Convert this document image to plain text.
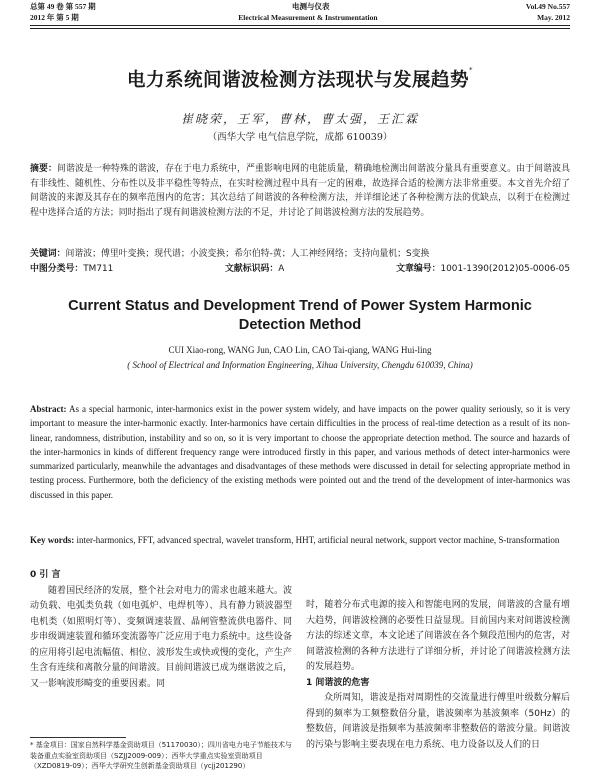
总第 49 卷 第 557 期	电测与仪表	Vol.49 No.557
2012 年 第 5 期	Electrical Measurement & Instrumentation	May. 2012
电力系统间谐波检测方法现状与发展趋势*
崔晓荣，王军，曹林，曹太强，王汇霖
（西华大学 电气信息学院，成都 610039）
摘要：间谐波是一种特殊的谐波，存在于电力系统中，严重影响电网的电能质量，精确地检测出间谐波分量具有重要意义。由于间谐波具有非线性、随机性、分布性以及非平稳性等特点，在实时检测过程中具有一定的困难，故选择合适的检测方法非常重要。本文首先介绍了间谐波的来源及其存在的频率范围内的危害；其次总结了间谐波的各种检测方法，并详细论述了各种检测方法的优缺点，以利于在检测过程中选择合适的方法；同时指出了现有间谐波检测方法的不足，并讨论了间谐波检测方法的发展趋势。
关键词：间谐波；傅里叶变换；现代谱；小波变换；希尔伯特-黄；人工神经网络；支持向量机；S变换
中图分类号：TM711	文献标识码：A	文章编号：1001-1390(2012)05-0006-05
Current Status and Development Trend of Power System Harmonic Detection Method
CUI Xiao-rong, WANG Jun, CAO Lin, CAO Tai-qiang, WANG Hui-ling
( School of Electrical and Information Engineering, Xihua University, Chengdu 610039, China)
Abstract: As a special harmonic, inter-harmonics exist in the power system widely, and have impacts on the power quality seriously, so it is very important to measure the inter-harmonic exactly. Inter-harmonics have certain difficulties in the process of real-time detection as a result of its non-linear, randomness, distribution, instability and so on, so it is very important to choose the appropriate detection method. The source and hazards of the inter-harmonics in kinds of different frequency range were introduced firstly in this paper, and various methods of detect inter-harmonics were summarized particularly, meanwhile the advantages and disadvantages of these methods were discussed in detail for selecting appropriate method in testing process. Furthermore, both the deficiency of the existing methods were pointed out and the trend of the development of inter-harmonics was discussed in this paper.
Key words: inter-harmonics, FFT, advanced spectral, wavelet transform, HHT, artificial neural network, support vector machine, S-transformation
0 引 言
随着国民经济的发展，整个社会对电力的需求也越来越大。波动负载、电弧类负载（如电弧炉、电焊机等）、具有静力锁波器型电机类（如照明灯等）、变频调速装置、晶闸管整流供电器件、同步串级调速装置和循环变流器等广泛应用于电力系统中。这些设备的应用将引起电流幅值、相位、波形发生或快或慢的变化，产生产生含有连续和离散分量的间谐波。目前间谐波已成为继谐波之后，又一影响波形畸变的重要因素。同
时，随着分布式电源的接入和智能电网的发展，间谐波的含量有增大趋势，间谐波检测的必要性日益显现。目前国内来对间谐波检测方法的综述文章，本文论述了间谐波在各个频段范围内的危害，对间谐波检测的各种方法进行了详细分析，并讨论了间谐波检测方法的发展趋势。
1 间谐波的危害
众所周知，谐波是指对周期性的交流量进行傅里叶级数分解后得到的频率为工频整数倍分量，谐波频率为基波频率（50Hz）的整数倍，间谐波是指频率为基波频率非整数倍的谐波分量。间谐波的污染与影响主要表现在电力系统、电力设备以及人们的日
* 基金项目：国家自然科学基金资助项目（51170030）；四川省电力电子节能技术与装备重点实验室资助项目（SZJJ2009-009）；西华大学重点实验室资助项目（XZD0819-09）；西华大学研究生创新基金资助项目（ycjj201290）
